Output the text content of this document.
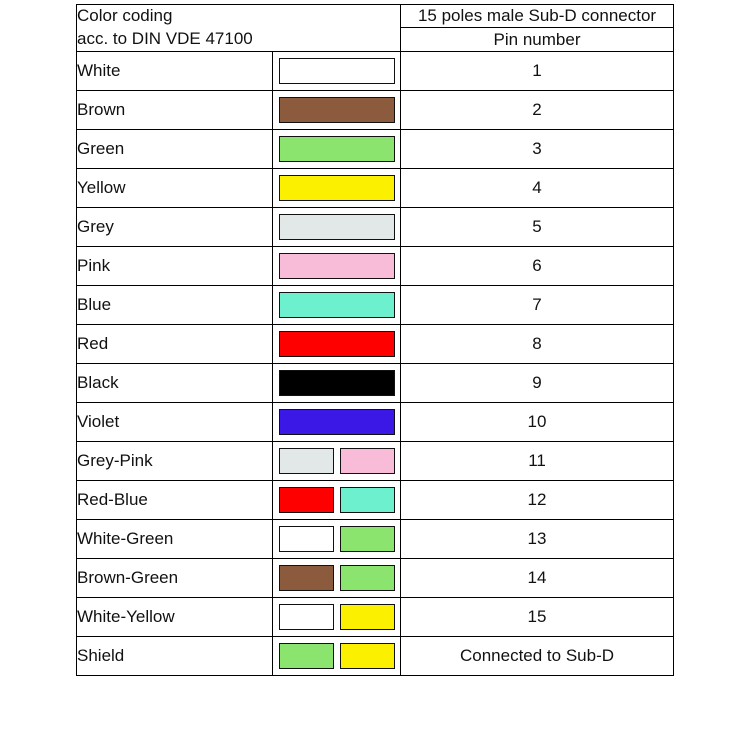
Color coding
acc. to DIN VDE 47100		15 poles male Sub-D connector
		Pin number
White		1
Brown		2
Green		3
Yellow		4
Grey		5
Pink		6
Blue		7
Red		8
Black		9
Violet		10
Grey-Pink		11
Red-Blue		12
White-Green		13
Brown-Green		14
White-Yellow		15
Shield		Connected to Sub-D
